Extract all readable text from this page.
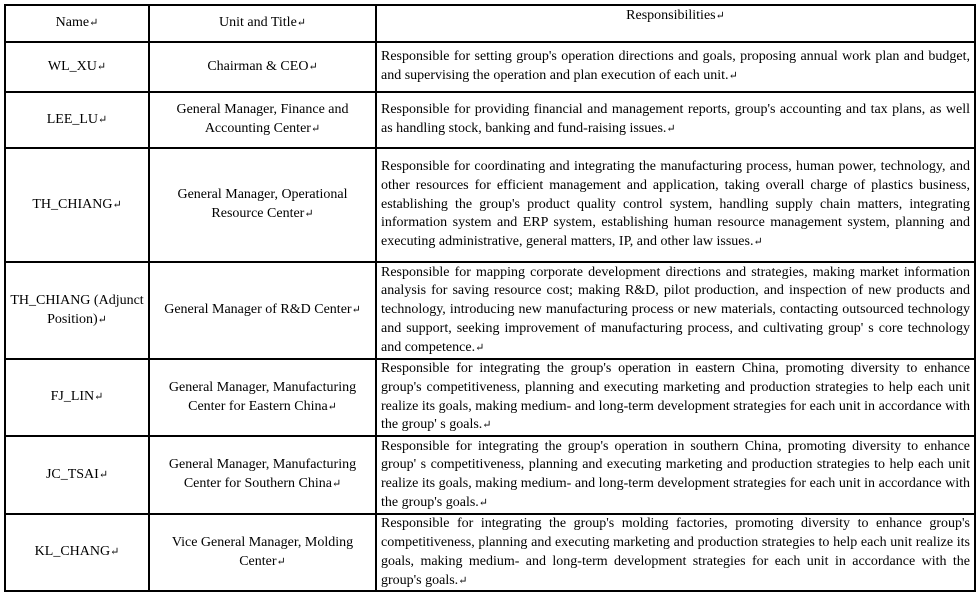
Name↵	Unit and Title↵	Responsibilities↵
WL_XU↵	Chairman & CEO↵	Responsible for setting group's operation directions and goals, proposing annual work plan and budget, and supervising the operation and plan execution of each unit.↵
LEE_LU↵	General Manager, Finance and Accounting Center↵	Responsible for providing financial and management reports, group's accounting and tax plans, as well as handling stock, banking and fund-raising issues.↵
TH_CHIANG↵	General Manager, Operational Resource Center↵	Responsible for coordinating and integrating the manufacturing process, human power, technology, and other resources for efficient management and application, taking overall charge of plastics business, establishing the group's product quality control system, handling supply chain matters, integrating information system and ERP system, establishing human resource management system, planning and executing administrative, general matters, IP, and other law issues.↵
TH_CHIANG (Adjunct Position)↵	General Manager of R&D Center↵	Responsible for mapping corporate development directions and strategies, making market information analysis for saving resource cost; making R&D, pilot production, and inspection of new products and technology, introducing new manufacturing process or new materials, contacting outsourced technology and support, seeking improvement of manufacturing process, and cultivating group' s core technology and competence.↵
FJ_LIN↵	General Manager, Manufacturing Center for Eastern China↵	Responsible for integrating the group's operation in eastern China, promoting diversity to enhance group's competitiveness, planning and executing marketing and production strategies to help each unit realize its goals, making medium- and long-term development strategies for each unit in accordance with the group' s goals.↵
JC_TSAI↵	General Manager, Manufacturing Center for Southern China↵	Responsible for integrating the group's operation in southern China, promoting diversity to enhance group' s competitiveness, planning and executing marketing and production strategies to help each unit realize its goals, making medium- and long-term development strategies for each unit in accordance with the group's goals.↵
KL_CHANG↵	Vice General Manager, Molding Center↵	Responsible for integrating the group's molding factories, promoting diversity to enhance group's competitiveness, planning and executing marketing and production strategies to help each unit realize its goals, making medium- and long-term development strategies for each unit in accordance with the group's goals.↵
